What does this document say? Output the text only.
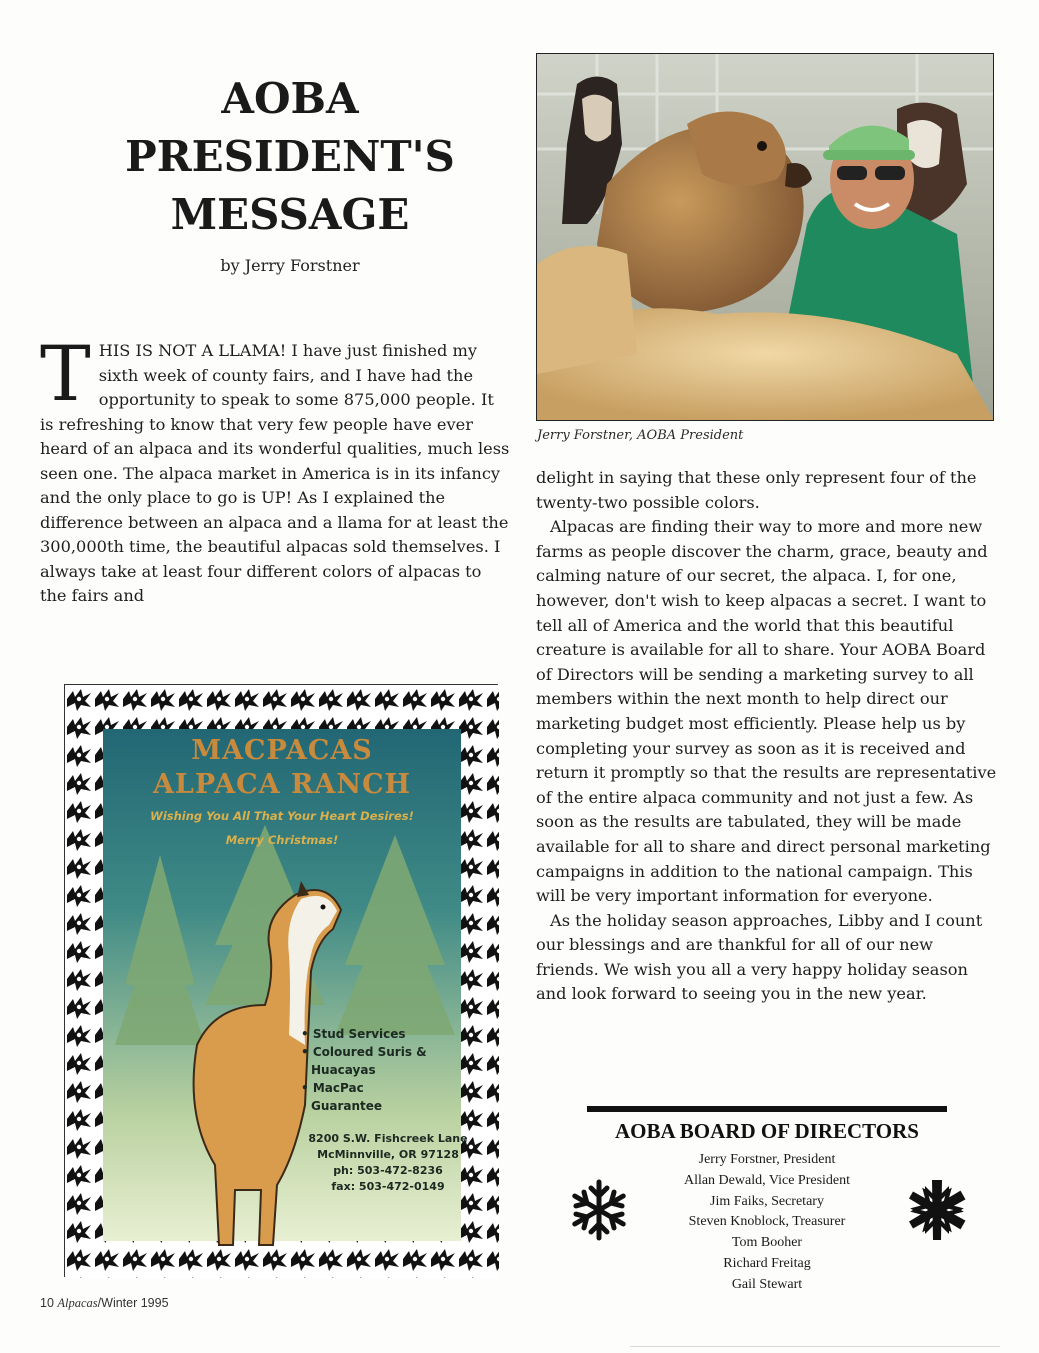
AOBA
PRESIDENT'S
MESSAGE
by Jerry Forstner

THIS IS NOT A LLAMA! I have just finished my sixth week of county fairs, and I have had the opportunity to speak to some 875,000 people. It is refreshing to know that very few people have ever heard of an alpaca and its wonderful qualities, much less seen one. The alpaca market in America is in its infancy and the only place to go is UP! As I explained the difference between an alpaca and a llama for at least the 300,000th time, the beautiful alpacas sold themselves. I always take at least four different colors of alpacas to the fairs and

Jerry Forstner, AOBA President

delight in saying that these only represent four of the twenty-two possible colors.

Alpacas are finding their way to more and more new farms as people discover the charm, grace, beauty and calming nature of our secret, the alpaca. I, for one, however, don't wish to keep alpacas a secret. I want to tell all of America and the world that this beautiful creature is available for all to share. Your AOBA Board of Directors will be sending a marketing survey to all members within the next month to help direct our marketing budget most efficiently. Please help us by completing your survey as soon as it is received and return it promptly so that the results are representative of the entire alpaca community and not just a few. As soon as the results are tabulated, they will be made available for all to share and direct personal marketing campaigns in addition to the national campaign. This will be very important information for everyone.

As the holiday season approaches, Libby and I count our blessings and are thankful for all of our new friends. We wish you all a very happy holiday season and look forward to seeing you in the new year.

MACPACAS
ALPACA RANCH
Wishing You All That Your Heart Desires!
Merry Christmas!
• Stud Services
• Coloured Suris &
Huacayas
• MacPac
Guarantee
8200 S.W. Fishcreek Lane
McMinnville, OR 97128
ph: 503-472-8236
fax: 503-472-0149
AOBA BOARD OF DIRECTORS
Jerry Forstner, President
Allan Dewald, Vice President
Jim Faiks, Secretary
Steven Knoblock, Treasurer
Tom Booher
Richard Freitag
Gail Stewart
10 Alpacas/Winter 1995
